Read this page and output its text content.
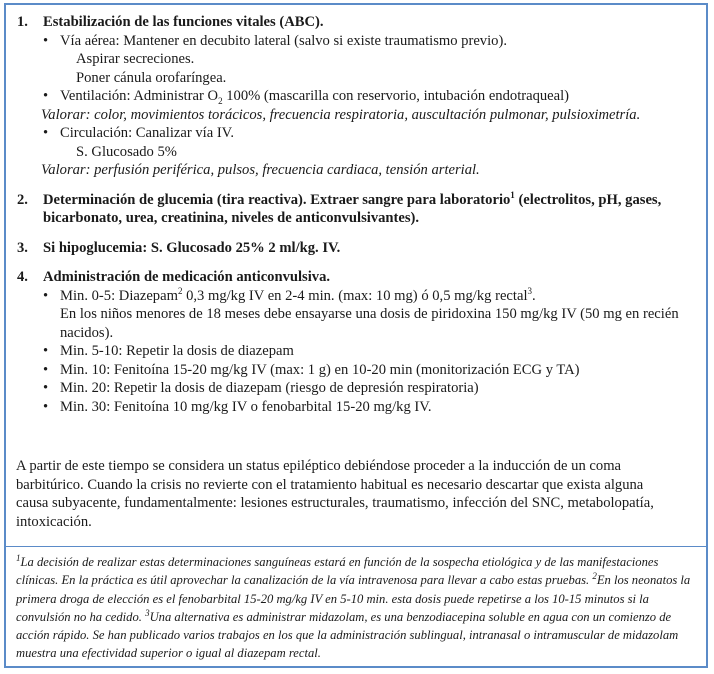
1. Estabilización de las funciones vitales (ABC).
• Vía aérea: Mantener en decubito lateral (salvo si existe traumatismo previo).
Aspirar secreciones.
Poner cánula orofaríngea.
• Ventilación: Administrar $O_2$ 100% (mascarilla con reservorio, intubación endotraqueal)
Valorar: color, movimientos torácicos, frecuencia respiratoria, auscultación pulmonar, pulsioximetría.
• Circulación: Canalizar vía IV.
S. Glucosado 5%
Valorar: perfusión periférica, pulsos, frecuencia cardiaca, tensión arterial.
2. Determinación de glucemia (tira reactiva). Extraer sangre para laboratorio$^1$ (electrolitos, pH, gases, bicarbonato, urea, creatinina, niveles de anticonvulsivantes).
3. Si hipoglucemia: S. Glucosado 25% 2 ml/kg. IV.
4. Administración de medicación anticonvulsiva.
• Min. 0-5: Diazepam$^2$ 0,3 mg/kg IV en 2-4 min. (max: 10 mg) ó 0,5 mg/kg rectal$^3$.
En los niños menores de 18 meses debe ensayarse una dosis de piridoxina 150 mg/kg IV (50 mg en recién nacidos).
• Min. 5-10: Repetir la dosis de diazepam
• Min. 10: Fenitoína 15-20 mg/kg IV (max: 1 g) en 10-20 min (monitorización ECG y TA)
• Min. 20: Repetir la dosis de diazepam (riesgo de depresión respiratoria)
• Min. 30: Fenitoína 10 mg/kg IV o fenobarbital 15-20 mg/kg IV.
A partir de este tiempo se considera un status epiléptico debiéndose proceder a la inducción de un coma barbitúrico. Cuando la crisis no revierte con el tratamiento habitual es necesario descartar que exista alguna causa subyacente, fundamentalmente: lesiones estructurales, traumatismo, infección del SNC, metabolopatía, intoxicación.
$^1$La decisión de realizar estas determinaciones sanguíneas estará en función de la sospecha etiológica y de las manifestaciones clínicas. En la práctica es útil aprovechar la canalización de la vía intravenosa para llevar a cabo estas pruebas. $^2$En los neonatos la primera droga de elección es el fenobarbital 15-20 mg/kg IV en 5-10 min. esta dosis puede repetirse a los 10-15 minutos si la convulsión no ha cedido. $^3$Una alternativa es administrar midazolam, es una benzodiacepina soluble en agua con un comienzo de acción rápido. Se han publicado varios trabajos en los que la administración sublingual, intranasal o intramuscular de midazolam muestra una efectividad superior o igual al diazepam rectal.
